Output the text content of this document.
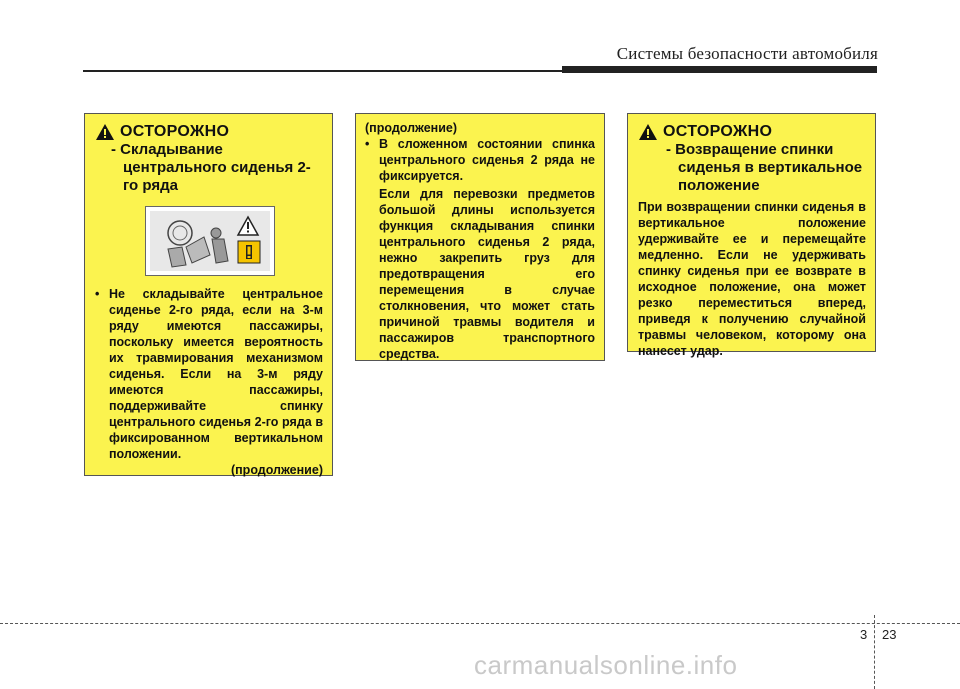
Системы безопасности автомобиля
ОСТОРОЖНО
- Складывание центрального сиденья 2-го ряда
• Не складывайте центральное сиденье 2-го ряда, если на 3-м ряду имеются пассажиры, поскольку имеется вероятность их травмирования механизмом сиденья. Если на 3-м ряду имеются пассажиры, поддерживайте спинку центрального сиденья 2-го ряда в фиксированном вертикальном положении.
(продолжение)
(продолжение)
• В сложенном состоянии спинка центрального сиденья 2 ряда не фиксируется.
Если для перевозки предметов большой длины используется функция складывания спинки центрального сиденья 2 ряда, нежно закрепить груз для предотвращения его перемещения в случае столкновения, что может стать причиной травмы водителя и пассажиров транспортного средства.
ОСТОРОЖНО
- Возвращение спинки сиденья в вертикальное положение
При возвращении спинки сиденья в вертикальное положение удерживайте ее и перемещайте медленно. Если не удерживать спинку сиденья при ее возврате в исходное положение, она может резко переместиться вперед, приведя к получению случайной травмы человеком, которому она нанесет удар.
3 23
carmanualsonline.info
